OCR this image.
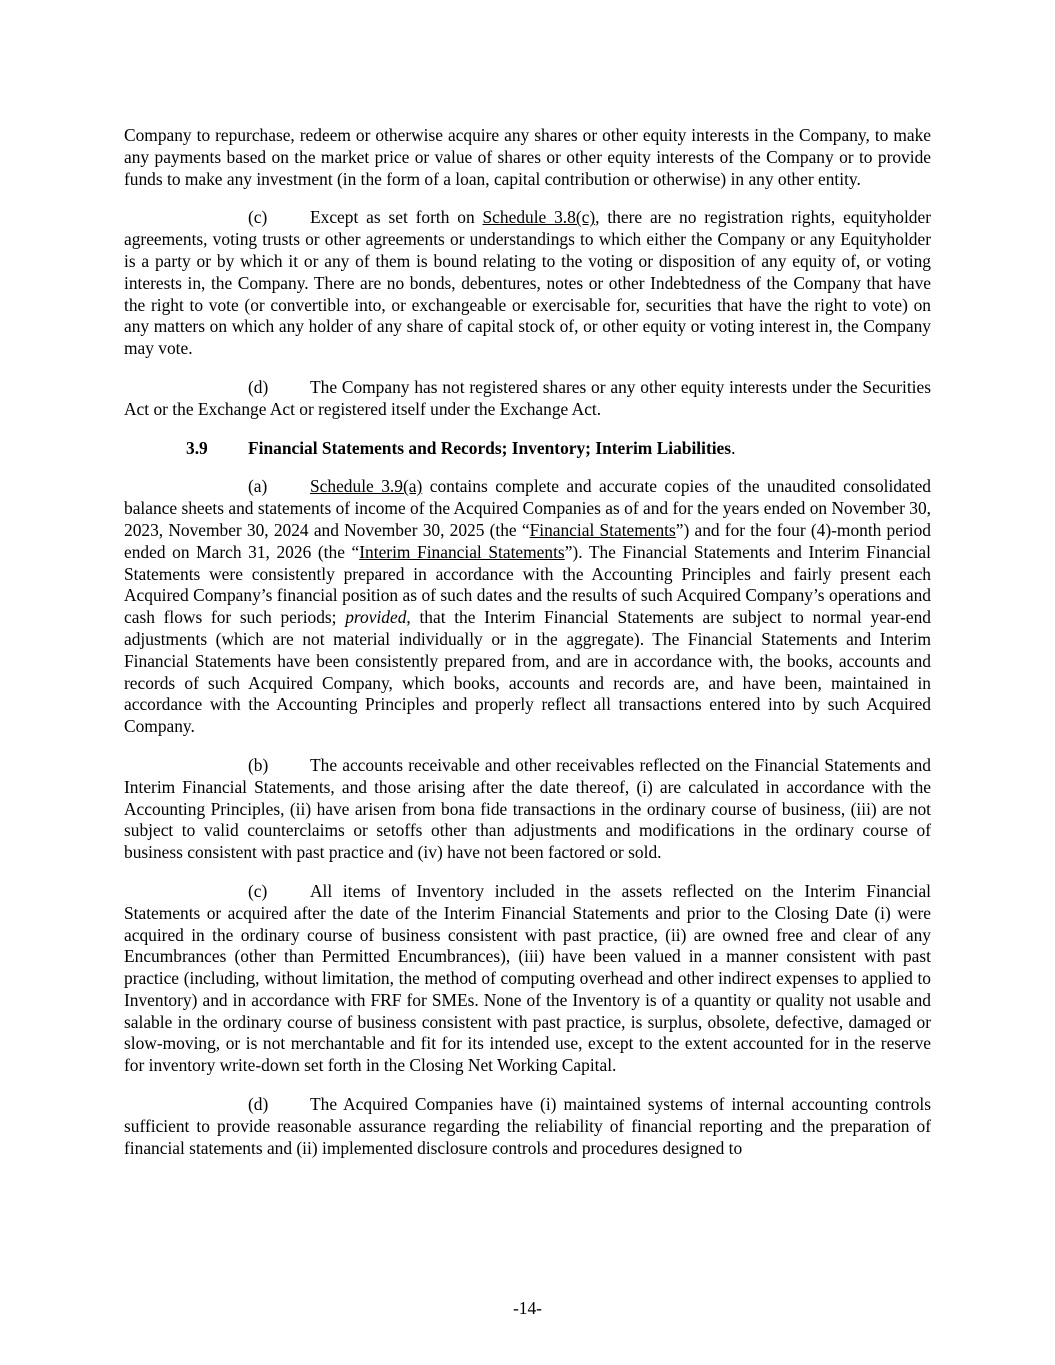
Company to repurchase, redeem or otherwise acquire any shares or other equity interests in the Company, to make any payments based on the market price or value of shares or other equity interests of the Company or to provide funds to make any investment (in the form of a loan, capital contribution or otherwise) in any other entity.

(c) Except as set forth on Schedule 3.8(c), there are no registration rights, equityholder agreements, voting trusts or other agreements or understandings to which either the Company or any Equityholder is a party or by which it or any of them is bound relating to the voting or disposition of any equity of, or voting interests in, the Company. There are no bonds, debentures, notes or other Indebtedness of the Company that have the right to vote (or convertible into, or exchangeable or exercisable for, securities that have the right to vote) on any matters on which any holder of any share of capital stock of, or other equity or voting interest in, the Company may vote.

(d) The Company has not registered shares or any other equity interests under the Securities Act or the Exchange Act or registered itself under the Exchange Act.

3.9 Financial Statements and Records; Inventory; Interim Liabilities.

(a) Schedule 3.9(a) contains complete and accurate copies of the unaudited consolidated balance sheets and statements of income of the Acquired Companies as of and for the years ended on November 30, 2023, November 30, 2024 and November 30, 2025 (the “Financial Statements”) and for the four (4)-month period ended on March 31, 2026 (the “Interim Financial Statements”). The Financial Statements and Interim Financial Statements were consistently prepared in accordance with the Accounting Principles and fairly present each Acquired Company’s financial position as of such dates and the results of such Acquired Company’s operations and cash flows for such periods; provided, that the Interim Financial Statements are subject to normal year-end adjustments (which are not material individually or in the aggregate). The Financial Statements and Interim Financial Statements have been consistently prepared from, and are in accordance with, the books, accounts and records of such Acquired Company, which books, accounts and records are, and have been, maintained in accordance with the Accounting Principles and properly reflect all transactions entered into by such Acquired Company.

(b) The accounts receivable and other receivables reflected on the Financial Statements and Interim Financial Statements, and those arising after the date thereof, (i) are calculated in accordance with the Accounting Principles, (ii) have arisen from bona fide transactions in the ordinary course of business, (iii) are not subject to valid counterclaims or setoffs other than adjustments and modifications in the ordinary course of business consistent with past practice and (iv) have not been factored or sold.

(c) All items of Inventory included in the assets reflected on the Interim Financial Statements or acquired after the date of the Interim Financial Statements and prior to the Closing Date (i) were acquired in the ordinary course of business consistent with past practice, (ii) are owned free and clear of any Encumbrances (other than Permitted Encumbrances), (iii) have been valued in a manner consistent with past practice (including, without limitation, the method of computing overhead and other indirect expenses to applied to Inventory) and in accordance with FRF for SMEs. None of the Inventory is of a quantity or quality not usable and salable in the ordinary course of business consistent with past practice, is surplus, obsolete, defective, damaged or slow-moving, or is not merchantable and fit for its intended use, except to the extent accounted for in the reserve for inventory write-down set forth in the Closing Net Working Capital.

(d) The Acquired Companies have (i) maintained systems of internal accounting controls sufficient to provide reasonable assurance regarding the reliability of financial reporting and the preparation of financial statements and (ii) implemented disclosure controls and procedures designed to

-14-
